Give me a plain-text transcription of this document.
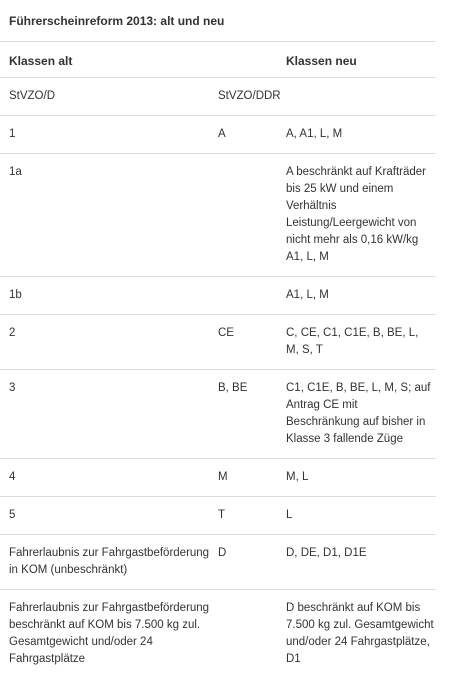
Führerscheinreform 2013: alt und neu
Klassen alt		Klassen neu
StVZO/D	StVZO/DDR	
1	A	A, A1, L, M
1a		A beschränkt auf Krafträder bis 25 kW und einem Verhältnis Leistung/Leergewicht von nicht mehr als 0,16 kW/kg A1, L, M
1b		A1, L, M
2	CE	C, CE, C1, C1E, B, BE, L, M, S, T
3	B, BE	C1, C1E, B, BE, L, M, S; auf Antrag CE mit Beschränkung auf bisher in Klasse 3 fallende Züge
4	M	M, L
5	T	L
Fahrerlaubnis zur Fahrgastbeförderung in KOM (unbeschränkt)	D	D, DE, D1, D1E
Fahrerlaubnis zur Fahrgastbeförderung beschränkt auf KOM bis 7.500 kg zul. Gesamtgewicht und/oder 24 Fahrgastplätze		D beschränkt auf KOM bis 7.500 kg zul. Gesamtgewicht und/oder 24 Fahrgastplätze, D1
